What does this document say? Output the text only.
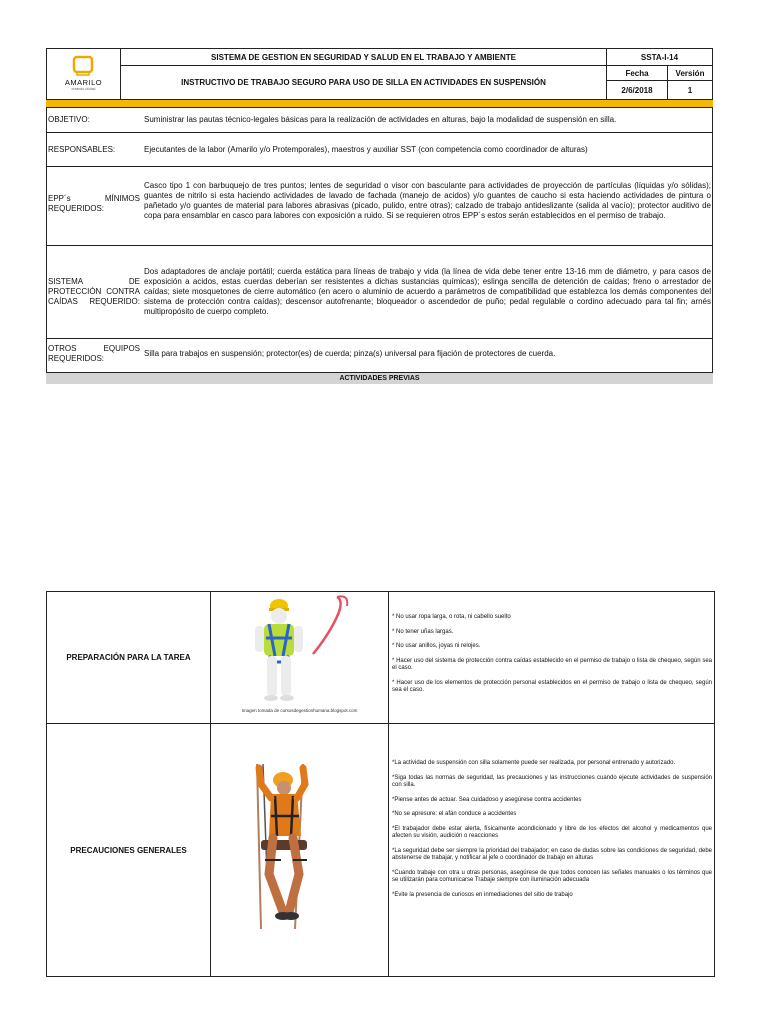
AMARILO
creando ciudad
SISTEMA DE GESTION EN SEGURIDAD Y SALUD EN EL TRABAJO Y AMBIENTE
INSTRUCTIVO DE TRABAJO SEGURO PARA USO DE SILLA EN ACTIVIDADES EN SUSPENSIÓN
SSTA-I-14
Fecha	Versión
2/6/2018	1
OBJETIVO:	Suministrar las pautas técnico-legales básicas para la realización de actividades en alturas, bajo la modalidad de suspensión en silla.
RESPONSABLES:	Ejecutantes de la labor (Amarilo y/o Protemporales), maestros y auxiliar SST (con competencia como coordinador de alturas)
EPP´s MÍNIMOS REQUERIDOS:
Casco tipo 1 con barbuquejo de tres puntos; lentes de seguridad o visor con basculante para actividades de proyección de partículas (líquidas y/o sólidas); guantes de nitrilo si esta haciendo actividades de lavado de fachada (manejo de acidos) y/o guantes de caucho si esta haciendo actividades de pintura o pañetado y/o guantes de material para labores abrasivas (picado, pulido, entre otras); calzado de trabajo antideslizante (salida al vacío); protector auditivo de copa para ensamblar en casco para labores con exposición a ruido. Si se requieren otros EPP´s estos serán establecidos en el permiso de trabajo.
SISTEMA DE PROTECCIÓN CONTRA CAÍDAS REQUERIDO:
Dos adaptadores de anclaje portátil; cuerda estática para líneas de trabajo y vida (la línea de vida debe tener entre 13-16 mm de diámetro, y para casos de exposición a acidos, estas cuerdas deberían ser resistentes a dichas sustancias químicas); eslinga sencilla de detención de caídas; freno o arrestador de caídas; siete mosquetones de cierre automático (en acero o aluminio de acuerdo a parámetros de compatibilidad que establezca los demás componentes del sistema de protección contra caídas); descensor autofrenante; bloqueador o ascendedor de puño; pedal regulable o cordino adecuado para tal fin; arnés multipropósito de cuerpo completo.
OTROS EQUIPOS REQUERIDOS:
Silla para trabajos en suspensión; protector(es) de cuerda; pinza(s) universal para fijación de protectores de cuerda.
ACTIVIDADES PREVIAS
PREPARACIÓN PARA LA TAREA
Imagen tomada de cursosdegestionhumana.blogspot.com

* No usar ropa larga, o rota, ni cabello suelto

* No tener uñas largas.

* No usar anillos, joyas ni relojes.

* Hacer uso del sistema de protección contra caídas establecido en el permiso de trabajo o lista de chequeo, según sea el caso.

* Hacer uso de los elementos de protección personal establecidos en el permiso de trabajo o lista de chequeo, según sea el caso.

PRECAUCIONES GENERALES

*La actividad de suspensión con silla solamente puede ser realizada, por personal entrenado y autorizado.

*Siga todas las normas de seguridad, las precauciones y las instrucciones cuando ejecute actividades de suspensión con silla.

*Piense antes de actuar. Sea cuidadoso y asegúrese contra accidentes

*No se apresure: el afán conduce a accidentes

*El trabajador debe estar alerta, físicamente acondicionado y libre de los efectos del alcohol y medicamentos que afecten su visión, audición o reacciones

*La seguridad debe ser siempre la prioridad del trabajador; en caso de dudas sobre las condiciones de seguridad, debe abstenerse de trabajar, y notificar al jefe o coordinador de trabajo en alturas

*Cuando trabaje con otra u otras personas, asegúrese de que todos conocen las señales manuales o los términos que se utilizarán para comunicarse Trabaje siempre con iluminación adecuada

*Evite la presencia de curiosos en inmediaciones del sitio de trabajo
